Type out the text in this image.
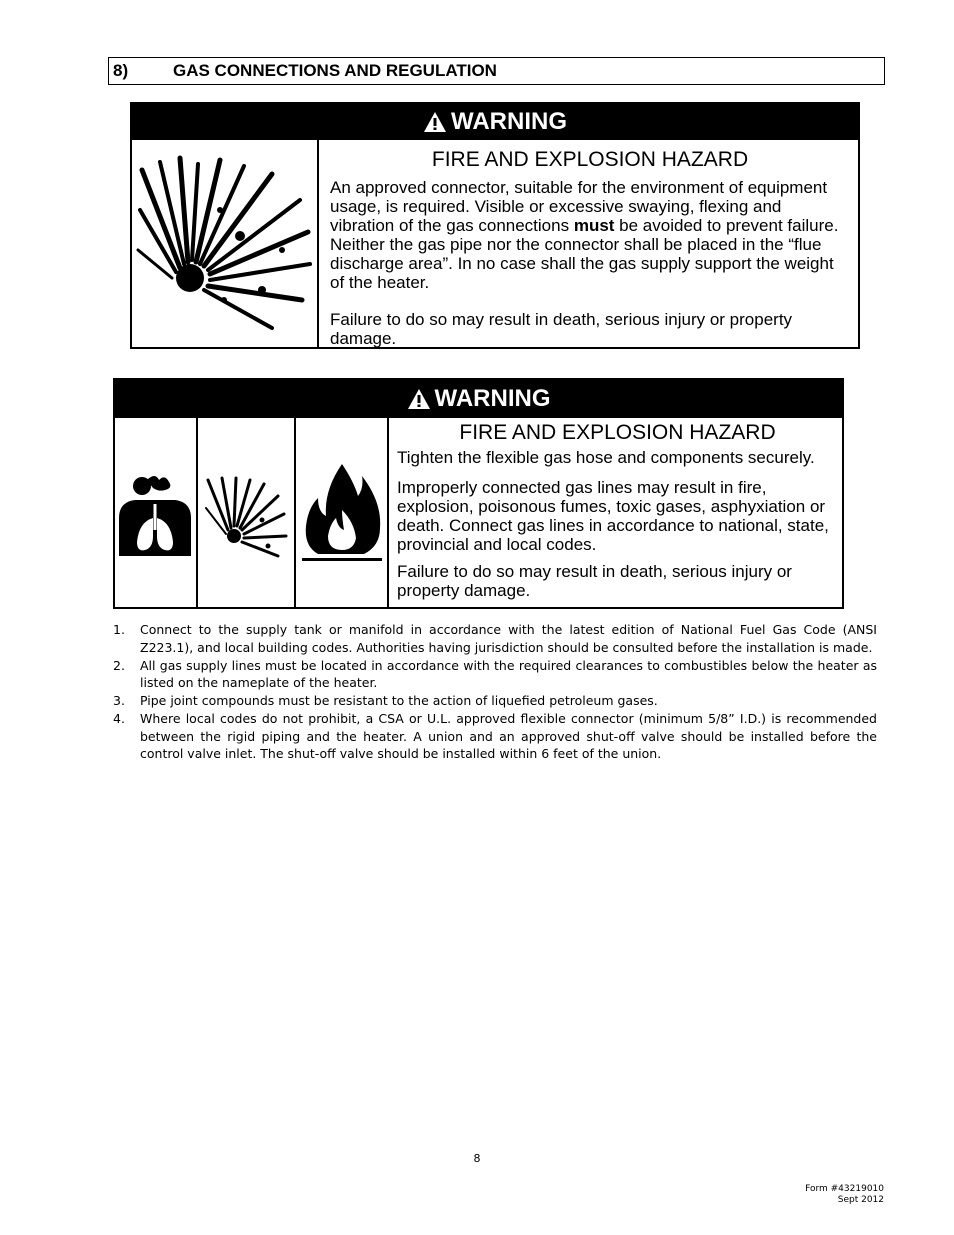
8)	GAS CONNECTIONS AND REGULATION
WARNING
FIRE AND EXPLOSION HAZARD

An approved connector, suitable for the environment of equipment usage, is required. Visible or excessive swaying, flexing and vibration of the gas connections must be avoided to prevent failure. Neither the gas pipe nor the connector shall be placed in the “flue discharge area”. In no case shall the gas supply support the weight of the heater.

Failure to do so may result in death, serious injury or property damage.

WARNING
FIRE AND EXPLOSION HAZARD

Tighten the flexible gas hose and components securely.

Improperly connected gas lines may result in fire, explosion, poisonous fumes, toxic gases, asphyxiation or death. Connect gas lines in accordance to national, state, provincial and local codes.

Failure to do so may result in death, serious injury or property damage.

1.	Connect to the supply tank or manifold in accordance with the latest edition of National Fuel Gas Code (ANSI Z223.1), and local building codes. Authorities having jurisdiction should be consulted before the installation is made.
2.	All gas supply lines must be located in accordance with the required clearances to combustibles below the heater as listed on the nameplate of the heater.
3.	Pipe joint compounds must be resistant to the action of liquefied petroleum gases.
4.	Where local codes do not prohibit, a CSA or U.L. approved flexible connector (minimum 5/8” I.D.) is recommended between the rigid piping and the heater. A union and an approved shut-off valve should be installed before the control valve inlet. The shut-off valve should be installed within 6 feet of the union.
8
Form #43219010
Sept 2012
